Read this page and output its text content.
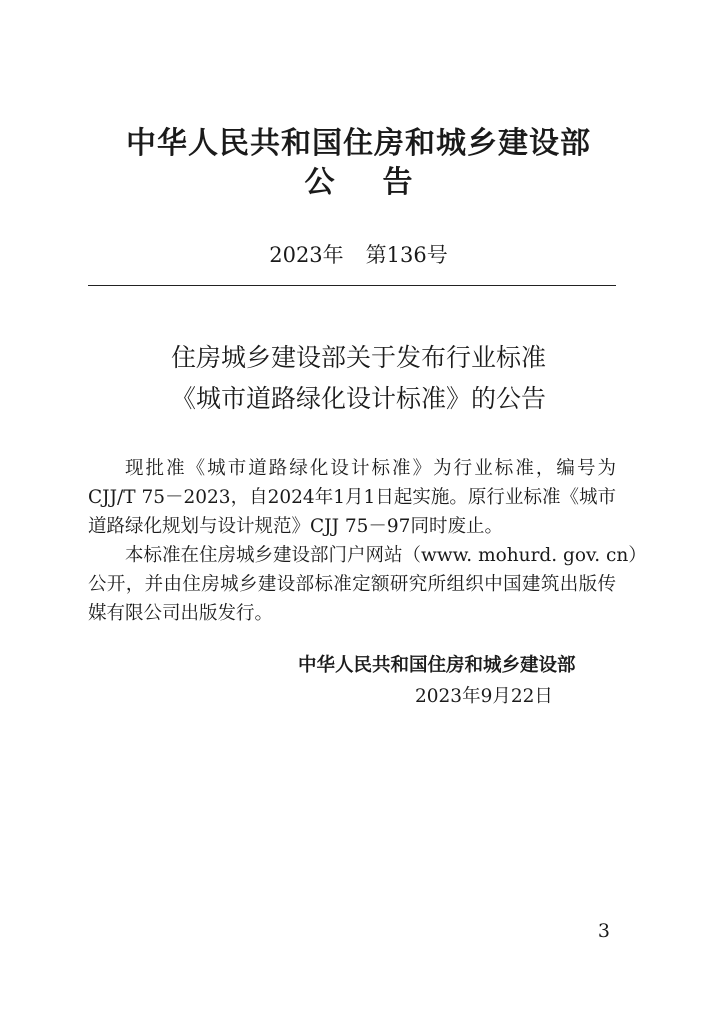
中华人民共和国住房和城乡建设部
公告
2023年 第136号
住房城乡建设部关于发布行业标准
《城市道路绿化设计标准》的公告
现批准《城市道路绿化设计标准》为行业标准，编号为
CJJ/T 75－2023，自2024年1月1日起实施。原行业标准《城市
道路绿化规划与设计规范》CJJ 75－97同时废止。
本标准在住房城乡建设部门户网站（www. mohurd. gov. cn）
公开，并由住房城乡建设部标准定额研究所组织中国建筑出版传
媒有限公司出版发行。
中华人民共和国住房和城乡建设部
2023年9月22日
3
